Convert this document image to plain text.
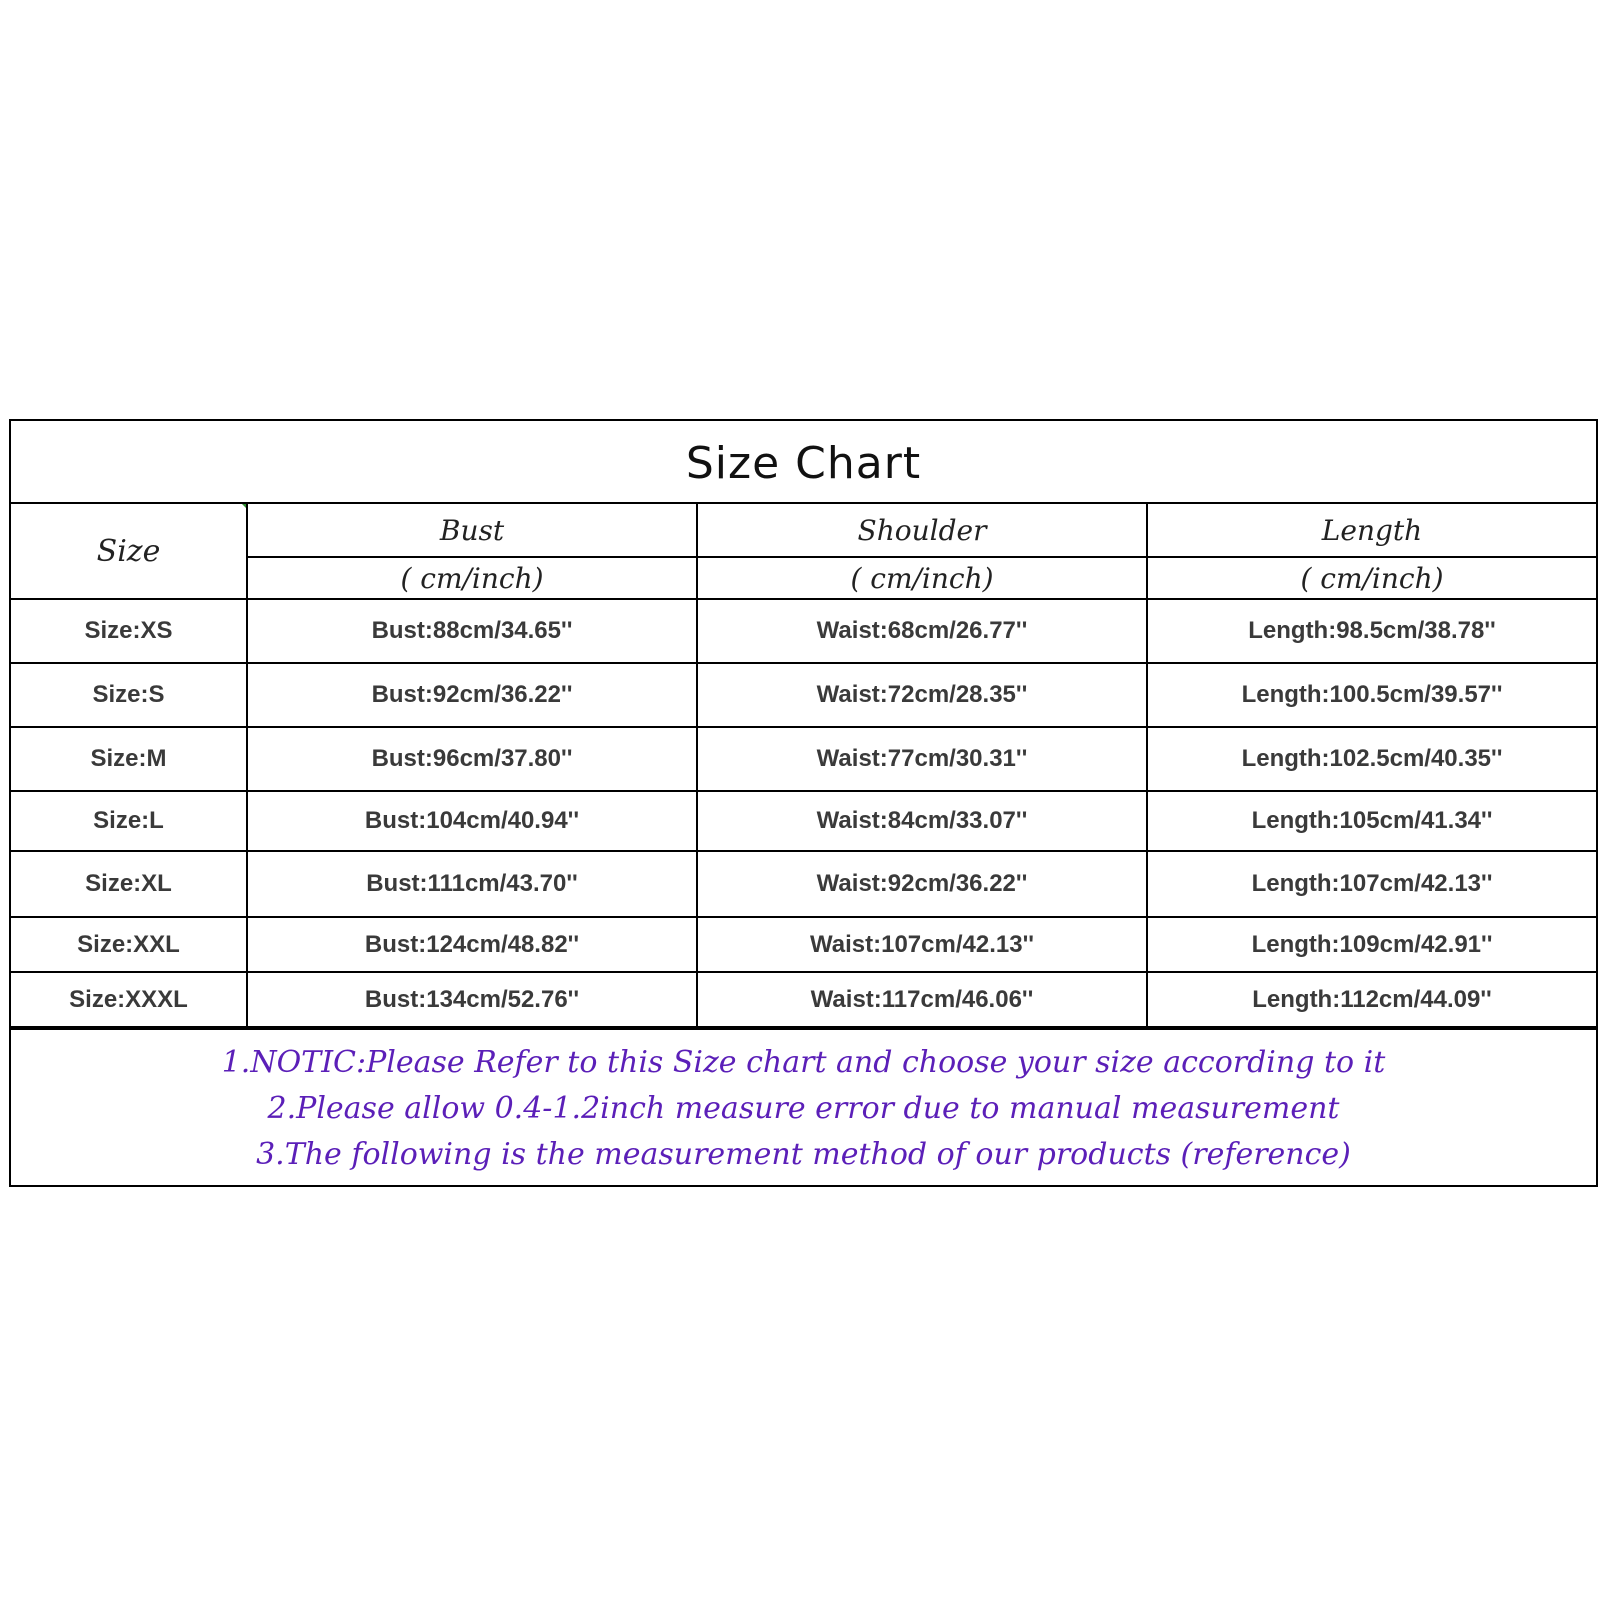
Size Chart			
Size	Bust	Shoulder	Length
	( cm/inch)	( cm/inch)	( cm/inch)
Size:XS	Bust:88cm/34.65''	Waist:68cm/26.77''	Length:98.5cm/38.78''
Size:S	Bust:92cm/36.22''	Waist:72cm/28.35''	Length:100.5cm/39.57''
Size:M	Bust:96cm/37.80''	Waist:77cm/30.31''	Length:102.5cm/40.35''
Size:L	Bust:104cm/40.94''	Waist:84cm/33.07''	Length:105cm/41.34''
Size:XL	Bust:111cm/43.70''	Waist:92cm/36.22''	Length:107cm/42.13''
Size:XXL	Bust:124cm/48.82''	Waist:107cm/42.13''	Length:109cm/42.91''
Size:XXXL	Bust:134cm/52.76''	Waist:117cm/46.06''	Length:112cm/44.09''
1.NOTIC:Please Refer to this Size chart and choose your size according to it
2.Please allow 0.4-1.2inch measure error due to manual measurement
3.The following is the measurement method of our products (reference)
